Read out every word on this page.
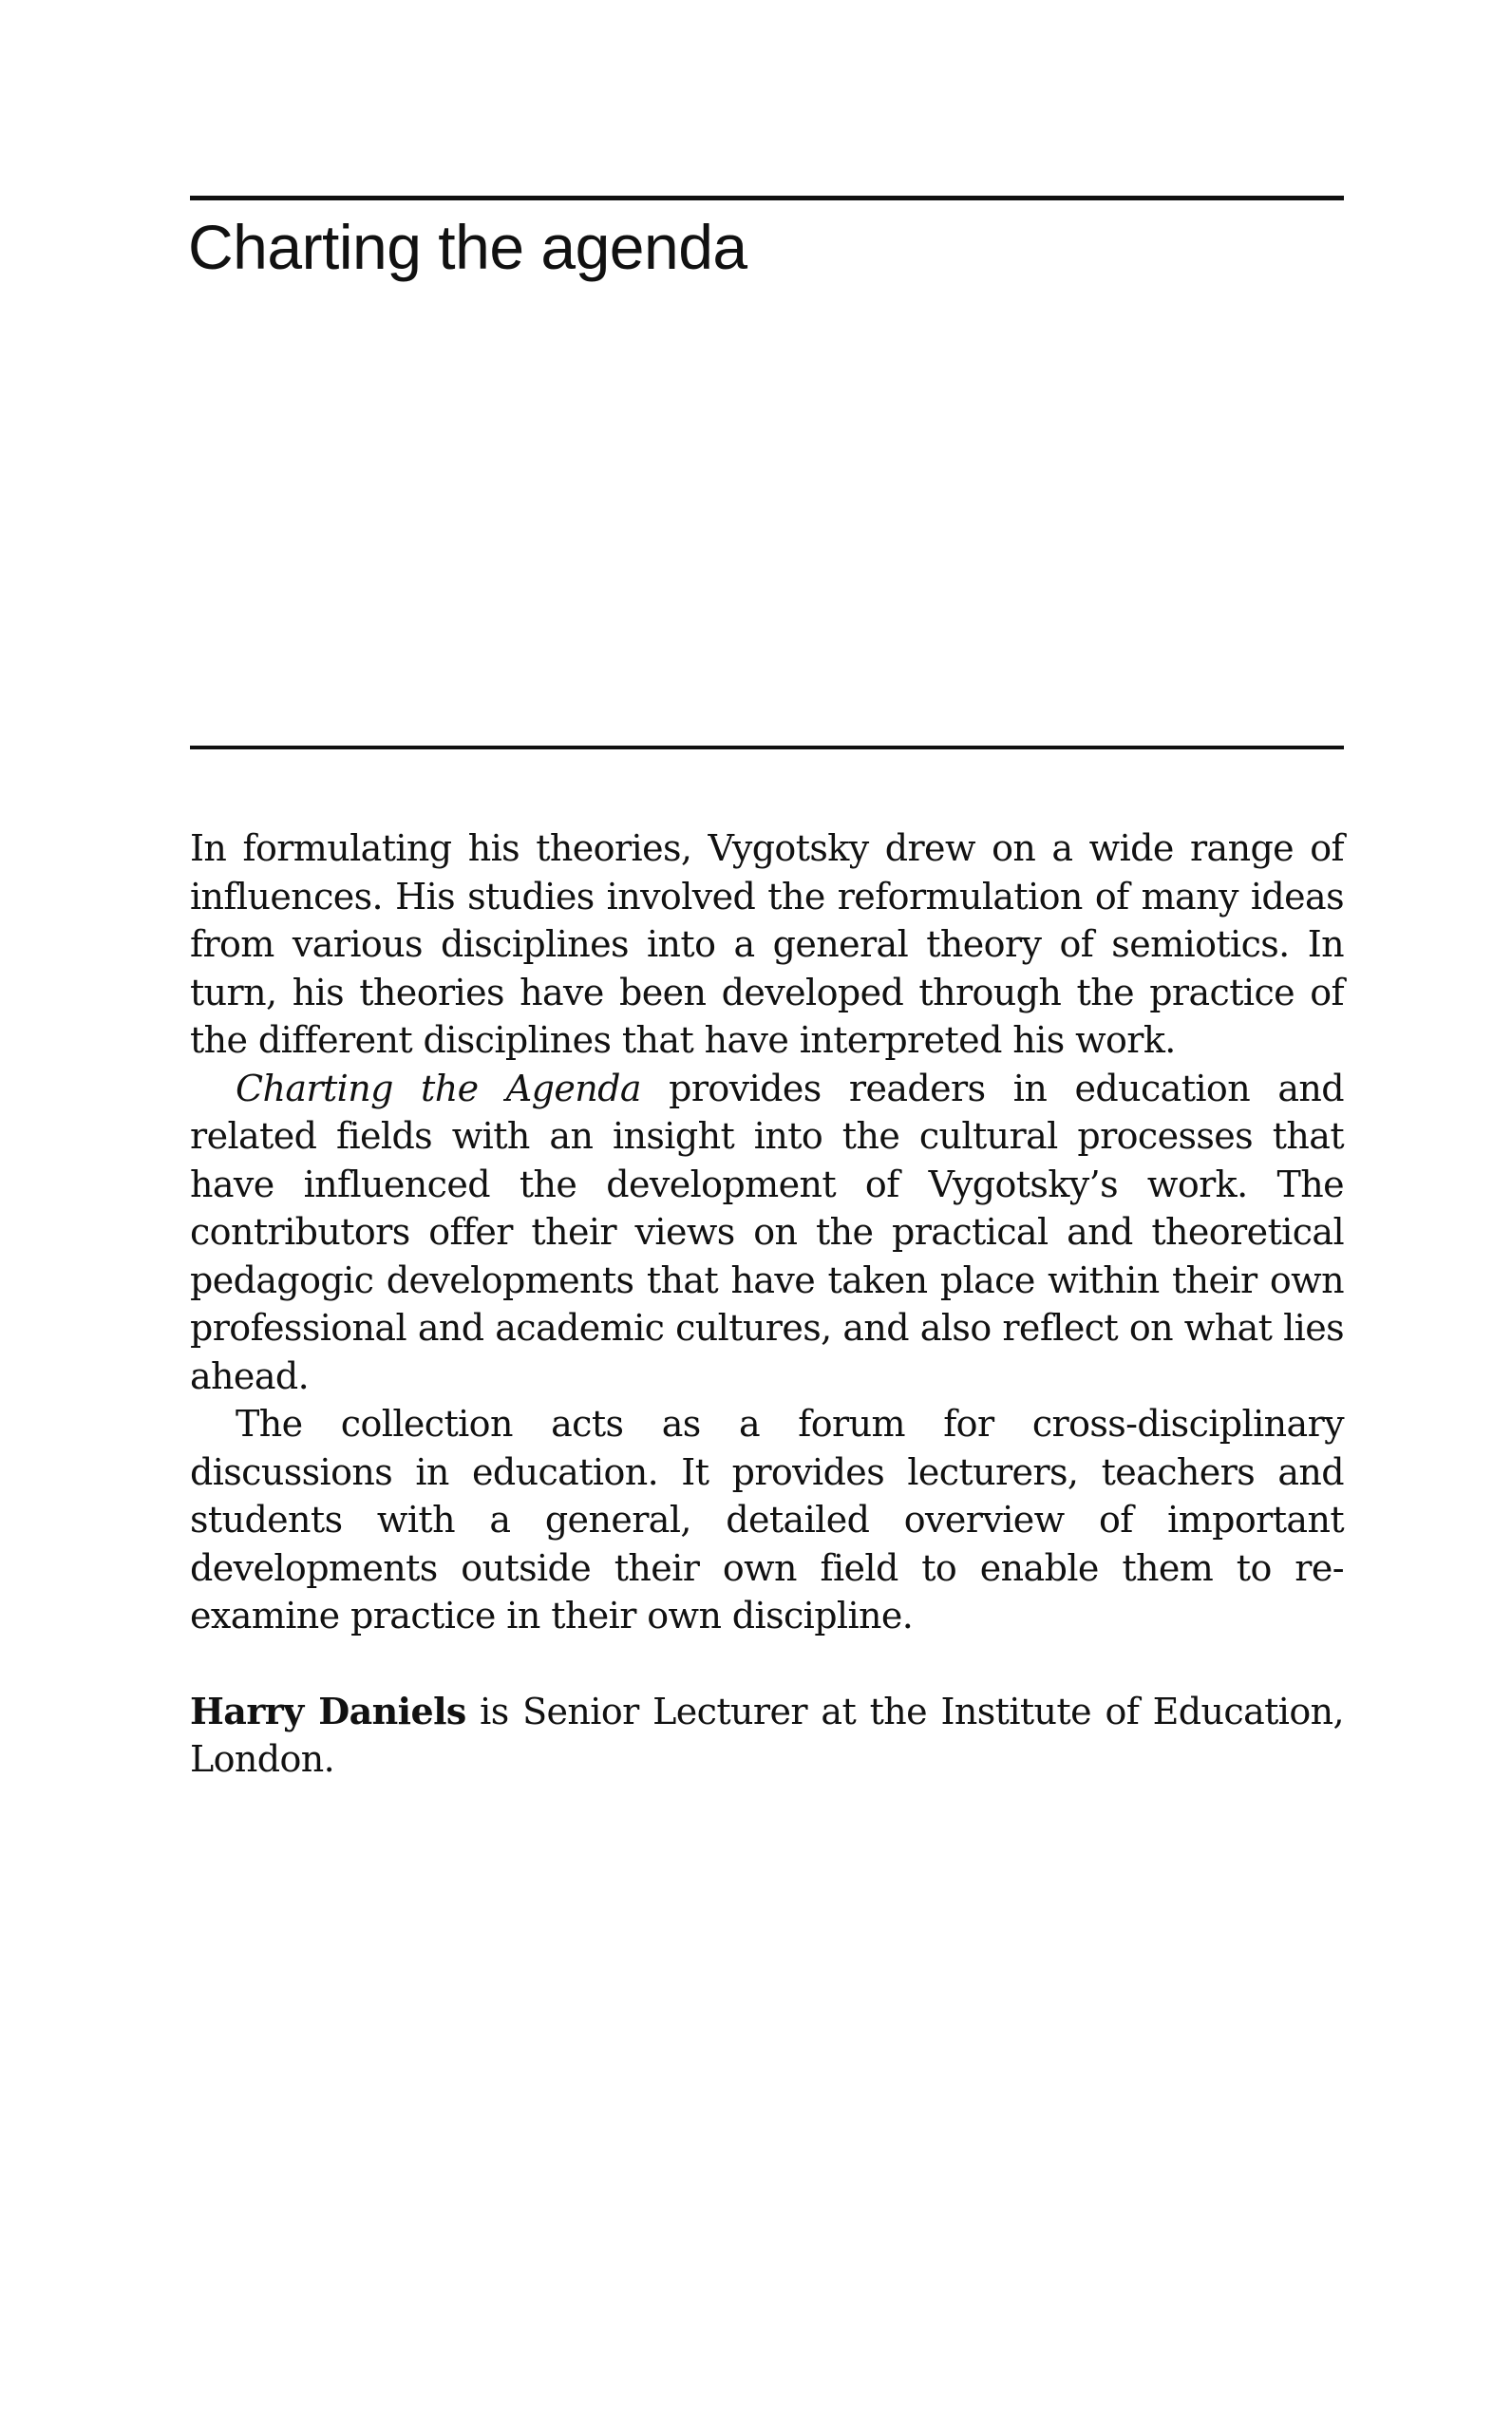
Charting the agenda

In formulating his theories, Vygotsky drew on a wide range of influences. His studies involved the reformulation of many ideas from various disciplines into a general theory of semiotics. In turn, his theories have been developed through the practice of the different disciplines that have interpreted his work.

Charting the Agenda provides readers in education and related fields with an insight into the cultural processes that have influenced the development of Vygotsky’s work. The contributors offer their views on the practical and theoretical pedagogic developments that have taken place within their own professional and academic cultures, and also reflect on what lies ahead.

The collection acts as a forum for cross-disciplinary discussions in education. It provides lecturers, teachers and students with a general, detailed overview of important developments outside their own field to enable them to re-examine practice in their own discipline.

Harry Daniels is Senior Lecturer at the Institute of Education, London.
